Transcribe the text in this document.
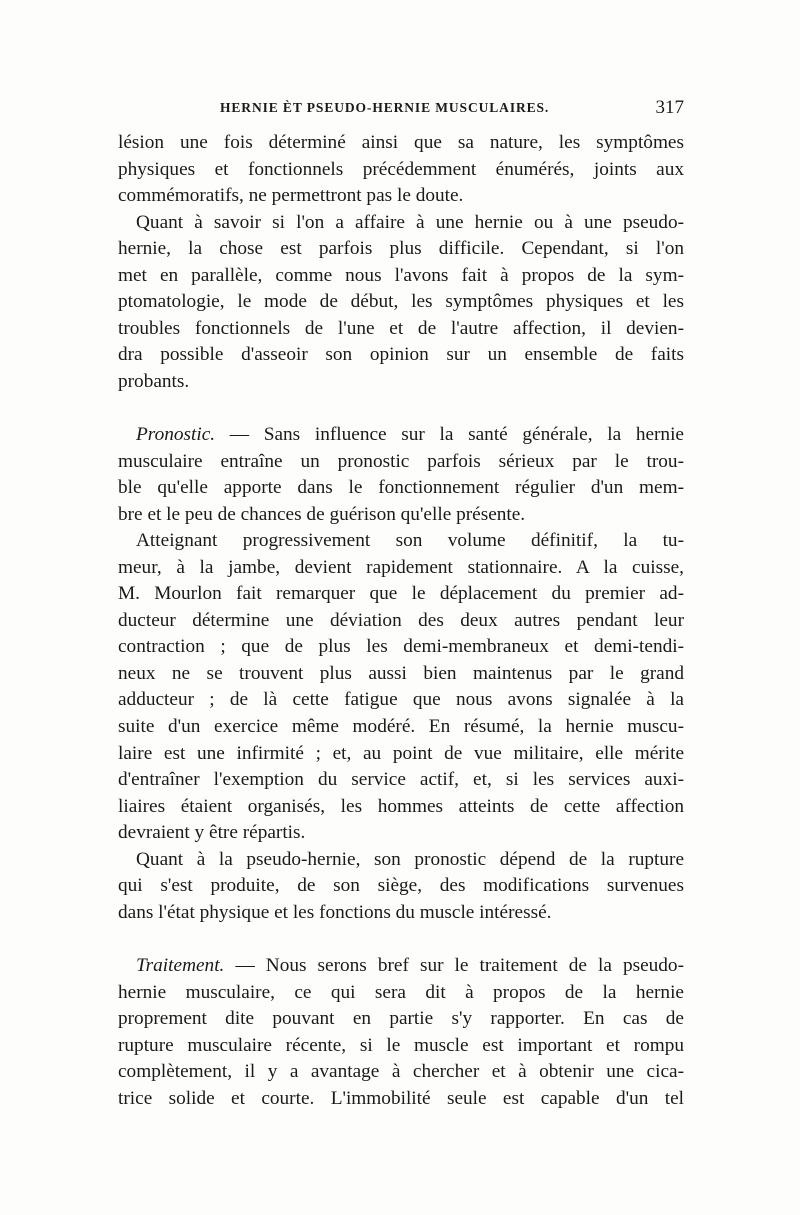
HERNIE ÈT PSEUDO-HERNIE MUSCULAIRES.	317
lésion une fois déterminé ainsi que sa nature, les symptômes
physiques et fonctionnels précédemment énumérés, joints aux
commémoratifs, ne permettront pas le doute.
Quant à savoir si l'on a affaire à une hernie ou à une pseudo-
hernie, la chose est parfois plus difficile. Cependant, si l'on
met en parallèle, comme nous l'avons fait à propos de la sym-
ptomatologie, le mode de début, les symptômes physiques et les
troubles fonctionnels de l'une et de l'autre affection, il devien-
dra possible d'asseoir son opinion sur un ensemble de faits
probants.
Pronostic. — Sans influence sur la santé générale, la hernie
musculaire entraîne un pronostic parfois sérieux par le trou-
ble qu'elle apporte dans le fonctionnement régulier d'un mem-
bre et le peu de chances de guérison qu'elle présente.
Atteignant progressivement son volume définitif, la tu-
meur, à la jambe, devient rapidement stationnaire. A la cuisse,
M. Mourlon fait remarquer que le déplacement du premier ad-
ducteur détermine une déviation des deux autres pendant leur
contraction ; que de plus les demi-membraneux et demi-tendi-
neux ne se trouvent plus aussi bien maintenus par le grand
adducteur ; de là cette fatigue que nous avons signalée à la
suite d'un exercice même modéré. En résumé, la hernie muscu-
laire est une infirmité ; et, au point de vue militaire, elle mérite
d'entraîner l'exemption du service actif, et, si les services auxi-
liaires étaient organisés, les hommes atteints de cette affection
devraient y être répartis.
Quant à la pseudo-hernie, son pronostic dépend de la rupture
qui s'est produite, de son siège, des modifications survenues
dans l'état physique et les fonctions du muscle intéressé.
Traitement. — Nous serons bref sur le traitement de la pseudo-
hernie musculaire, ce qui sera dit à propos de la hernie
proprement dite pouvant en partie s'y rapporter. En cas de
rupture musculaire récente, si le muscle est important et rompu
complètement, il y a avantage à chercher et à obtenir une cica-
trice solide et courte. L'immobilité seule est capable d'un tel
